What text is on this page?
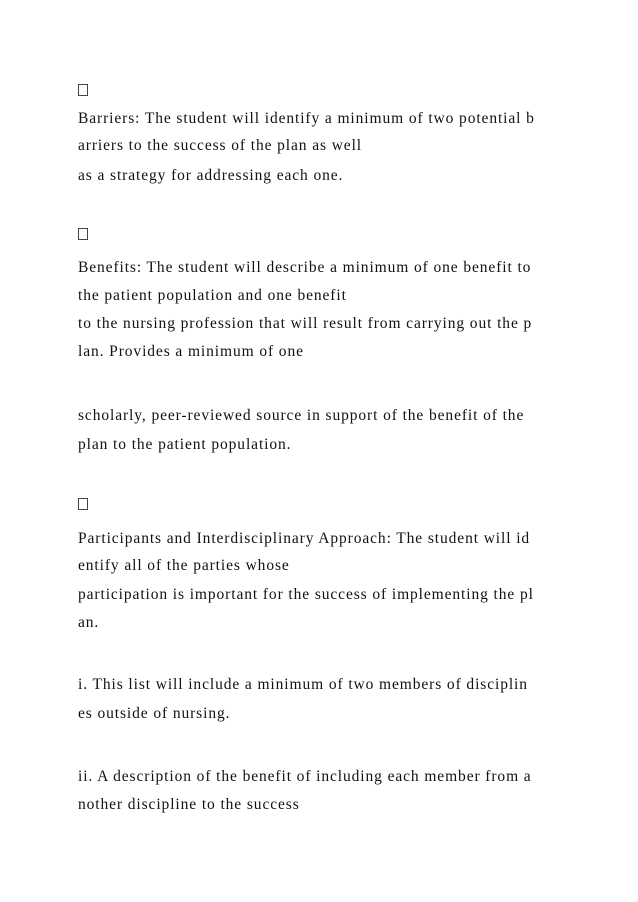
Barriers: The student will identify a minimum of two potential b
arriers to the success of the plan as well
as a strategy for addressing each one.
Benefits: The student will describe a minimum of one benefit to
the patient population and one benefit
to the nursing profession that will result from carrying out the p
lan. Provides a minimum of one
scholarly, peer-reviewed source in support of the benefit of the
plan to the patient population.
Participants and Interdisciplinary Approach: The student will id
entify all of the parties whose
participation is important for the success of implementing the pl
an.
i. This list will include a minimum of two members of disciplin
es outside of nursing.
ii. A description of the benefit of including each member from a
nother discipline to the success
